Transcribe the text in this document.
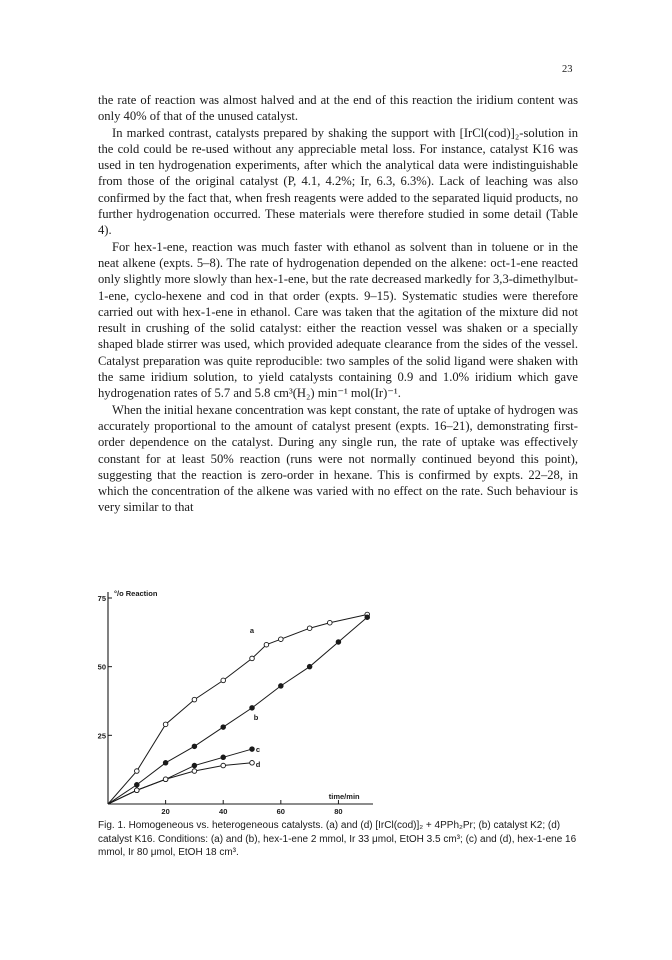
23

the rate of reaction was almost halved and at the end of this reaction the iridium content was only 40% of that of the unused catalyst.

In marked contrast, catalysts prepared by shaking the support with [IrCl(cod)]₂-solution in the cold could be re-used without any appreciable metal loss. For instance, catalyst K16 was used in ten hydrogenation experiments, after which the analytical data were indistinguishable from those of the original catalyst (P, 4.1, 4.2%; Ir, 6.3, 6.3%). Lack of leaching was also confirmed by the fact that, when fresh reagents were added to the separated liquid products, no further hydrogenation occurred. These materials were therefore studied in some detail (Table 4).

For hex-1-ene, reaction was much faster with ethanol as solvent than in toluene or in the neat alkene (expts. 5–8). The rate of hydrogenation depended on the alkene: oct-1-ene reacted only slightly more slowly than hex-1-ene, but the rate decreased markedly for 3,3-dimethylbut-1-ene, cyclo-hexene and cod in that order (expts. 9–15). Systematic studies were therefore carried out with hex-1-ene in ethanol. Care was taken that the agitation of the mixture did not result in crushing of the solid catalyst: either the reaction vessel was shaken or a specially shaped blade stirrer was used, which provided adequate clearance from the sides of the vessel. Catalyst preparation was quite reproducible: two samples of the solid ligand were shaken with the same iridium solution, to yield catalysts containing 0.9 and 1.0% iridium which gave hydrogenation rates of 5.7 and 5.8 cm³(H₂) min⁻¹ mol(Ir)⁻¹.

When the initial hexane concentration was kept constant, the rate of uptake of hydrogen was accurately proportional to the amount of catalyst present (expts. 16–21), demonstrating first-order dependence on the catalyst. During any single run, the rate of uptake was effectively constant for at least 50% reaction (runs were not normally continued beyond this point), suggesting that the reaction is zero-order in hexane. This is confirmed by expts. 22–28, in which the concentration of the alkene was varied with no effect on the rate. Such behaviour is very similar to that

20	40	60	80
25
50
75
°/o Reaction
time/min
a
b
c
d
Fig. 1. Homogeneous vs. heterogeneous catalysts. (a) and (d) [IrCl(cod)]₂ + 4PPh₂Pr; (b) catalyst K2; (d) catalyst K16. Conditions: (a) and (b), hex-1-ene 2 mmol, Ir 33 μmol, EtOH 3.5 cm³; (c) and (d), hex-1-ene 16 mmol, Ir 80 μmol, EtOH 18 cm³.
